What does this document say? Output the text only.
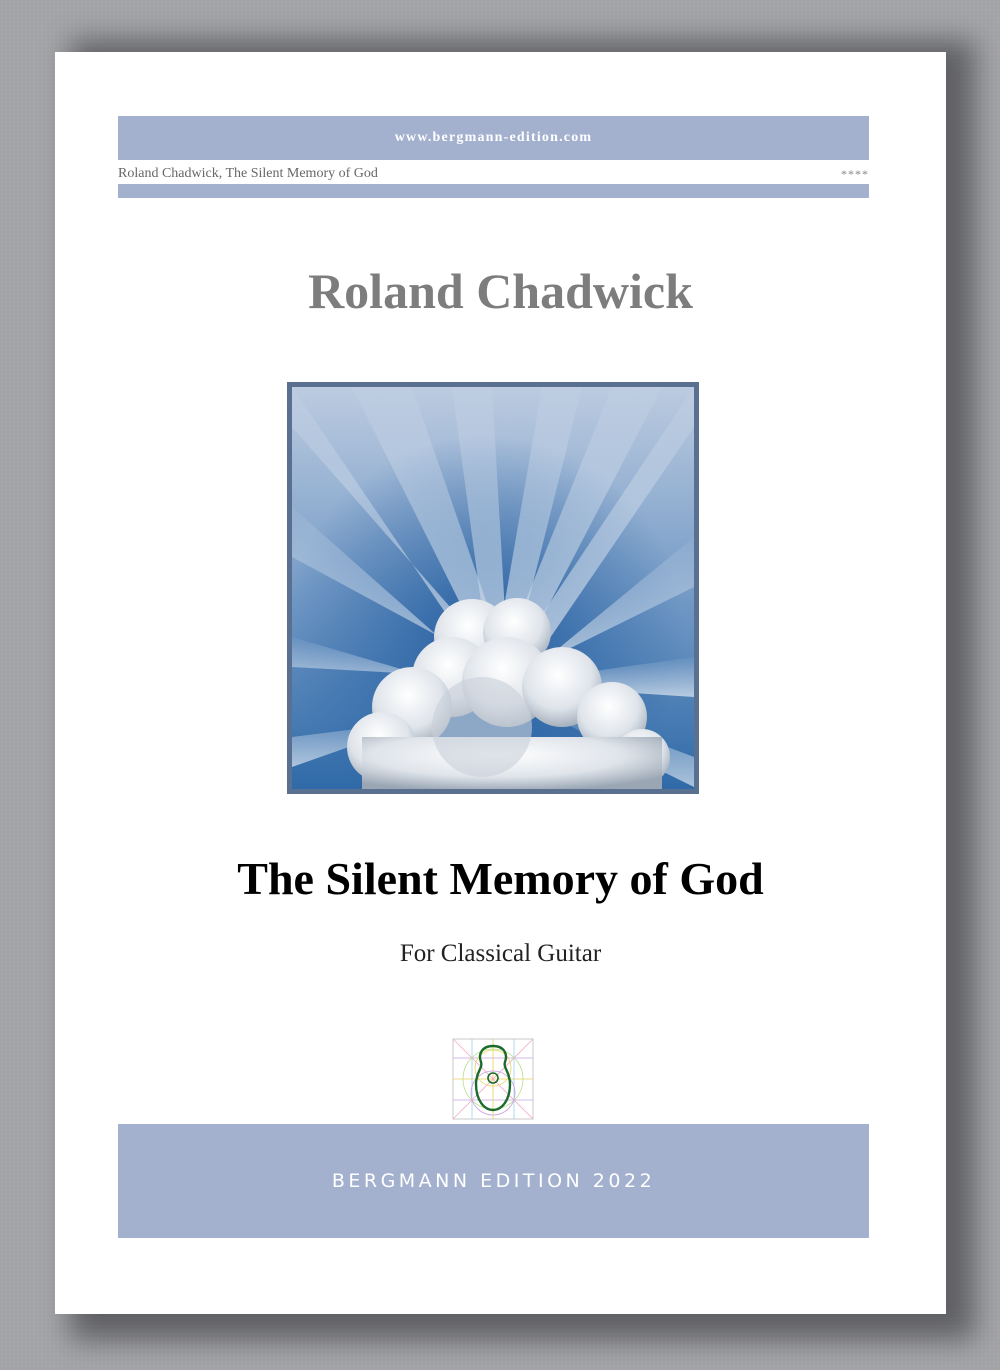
www.bergmann-edition.com
Roland Chadwick, The Silent Memory of God	****
Roland Chadwick
The Silent Memory of God
For Classical Guitar
BERGMANN EDITION 2022
